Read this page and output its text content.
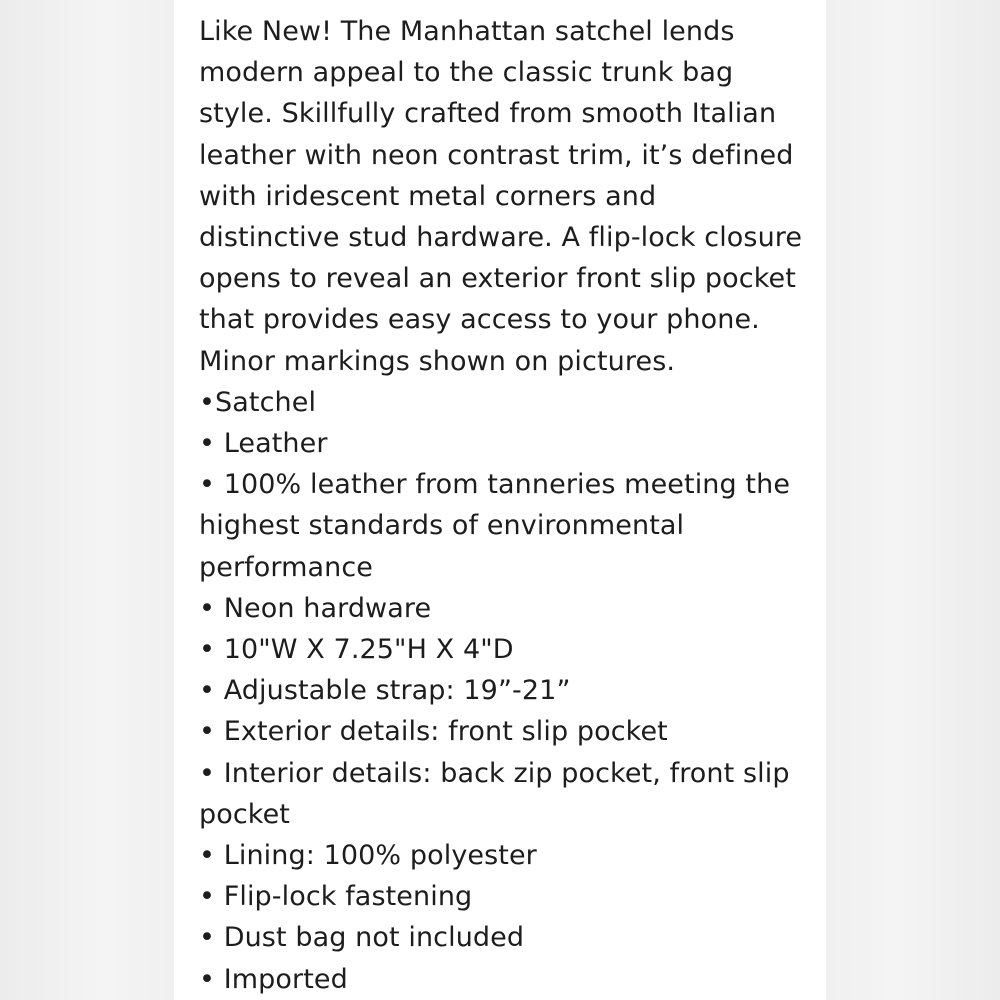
Like New! The Manhattan satchel lends
modern appeal to the classic trunk bag
style. Skillfully crafted from smooth Italian
leather with neon contrast trim, it’s defined
with iridescent metal corners and
distinctive stud hardware. A flip-lock closure
opens to reveal an exterior front slip pocket
that provides easy access to your phone.
Minor markings shown on pictures.
•Satchel
• Leather
• 100% leather from tanneries meeting the
highest standards of environmental
performance
• Neon hardware
• 10"W X 7.25"H X 4"D
• Adjustable strap: 19”-21”
• Exterior details: front slip pocket
• Interior details: back zip pocket, front slip
pocket
• Lining: 100% polyester
• Flip-lock fastening
• Dust bag not included
• Imported
